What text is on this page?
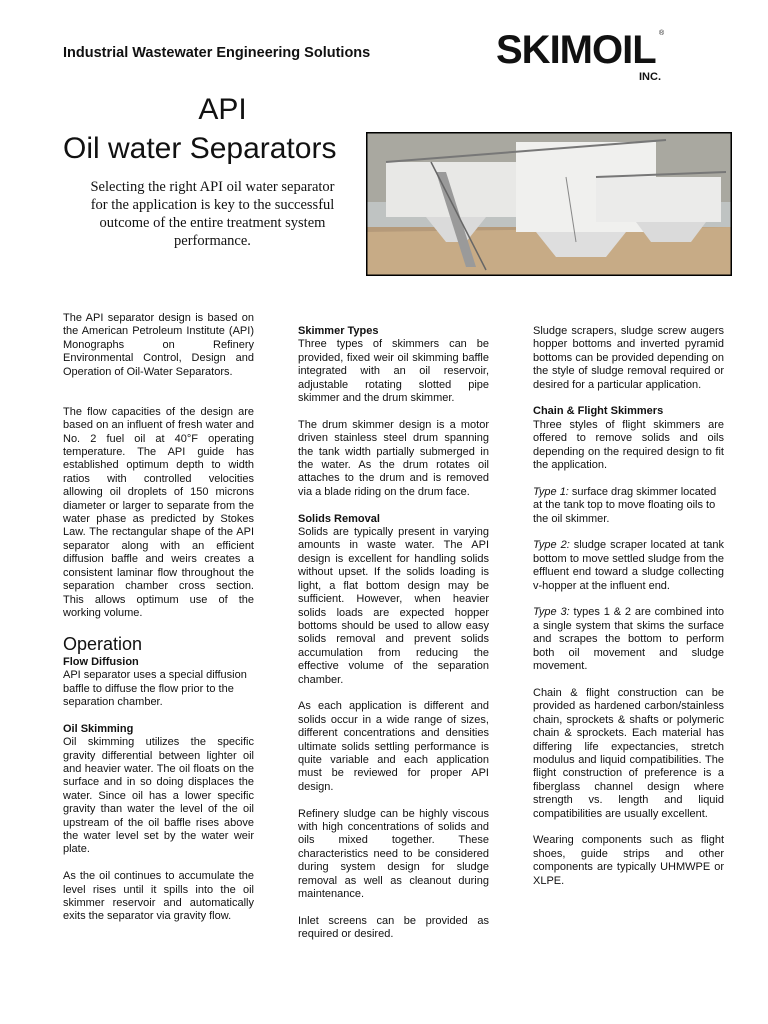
Industrial Wastewater Engineering Solutions	SKIMOIL
INC.
®
API
Oil water Separators
Selecting the right API oil water separator for the application is key to the successful outcome of the entire treatment system performance.

The API separator design is based on the American Petroleum Institute (API) Monographs on Refinery Environmental Control, Design and Operation of Oil-Water Separators.

The flow capacities of the design are based on an influent of fresh water and No. 2 fuel oil at 40°F operating temperature. The API guide has established optimum depth to width ratios with controlled velocities allowing oil droplets of 150 microns diameter or larger to separate from the water phase as predicted by Stokes Law. The rectangular shape of the API separator along with an efficient diffusion baffle and weirs creates a consistent laminar flow throughout the separation chamber cross section. This allows optimum use of the working volume.

Operation
Flow Diffusion

API separator uses a special diffusion baffle to diffuse the flow prior to the separation chamber.

Oil Skimming

Oil skimming utilizes the specific gravity differential between lighter oil and heavier water. The oil floats on the surface and in so doing displaces the water. Since oil has a lower specific gravity than water the level of the oil upstream of the oil baffle rises above the water level set by the water weir plate.

As the oil continues to accumulate the level rises until it spills into the oil skimmer reservoir and automatically exits the separator via gravity flow.

Skimmer Types

Three types of skimmers can be provided, fixed weir oil skimming baffle integrated with an oil reservoir, adjustable rotating slotted pipe skimmer and the drum skimmer.

The drum skimmer design is a motor driven stainless steel drum spanning the tank width partially submerged in the water. As the drum rotates oil attaches to the drum and is removed via a blade riding on the drum face.

Solids Removal

Solids are typically present in varying amounts in waste water. The API design is excellent for handling solids without upset. If the solids loading is light, a flat bottom design may be sufficient. However, when heavier solids loads are expected hopper bottoms should be used to allow easy solids removal and prevent solids accumulation from reducing the effective volume of the separation chamber.

As each application is different and solids occur in a wide range of sizes, different concentrations and densities ultimate solids settling performance is quite variable and each application must be reviewed for proper API design.

Refinery sludge can be highly viscous with high concentrations of solids and oils mixed together. These characteristics need to be considered during system design for sludge removal as well as cleanout during maintenance.

Inlet screens can be provided as required or desired.

Sludge scrapers, sludge screw augers hopper bottoms and inverted pyramid bottoms can be provided depending on the style of sludge removal required or desired for a particular application.

Chain & Flight Skimmers

Three styles of flight skimmers are offered to remove solids and oils depending on the required design to fit the application.

Type 1: surface drag skimmer located at the tank top to move floating oils to the oil skimmer.

Type 2: sludge scraper located at tank bottom to move settled sludge from the effluent end toward a sludge collecting v-hopper at the influent end.

Type 3: types 1 & 2 are combined into a single system that skims the surface and scrapes the bottom to perform both oil movement and sludge movement.

Chain & flight construction can be provided as hardened carbon/stainless chain, sprockets & shafts or polymeric chain & sprockets. Each material has differing life expectancies, stretch modulus and liquid compatibilities. The flight construction of preference is a fiberglass channel design where strength vs. length and liquid compatibilities are usually excellent.

Wearing components such as flight shoes, guide strips and other components are typically UHMWPE or XLPE.
